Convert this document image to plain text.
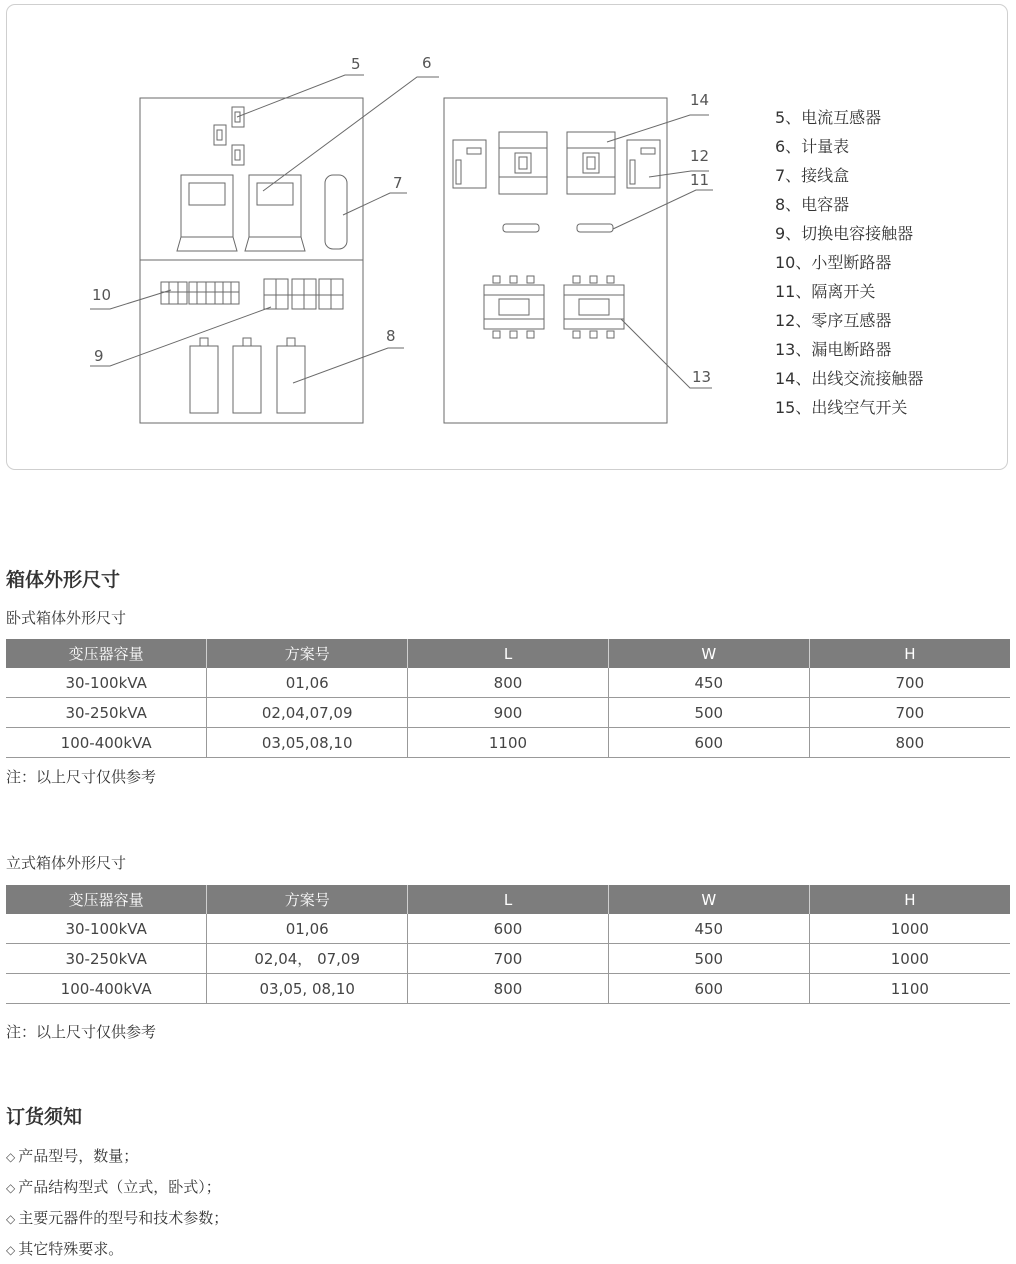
5	6
7
8
9
10
11
12
13
14
5、电流互感器
6、计量表
7、接线盒
8、电容器
9、切换电容接触器
10、小型断路器
11、隔离开关
12、零序互感器
13、漏电断路器
14、出线交流接触器
15、出线空气开关
箱体外形尺寸
卧式箱体外形尺寸
变压器容量	方案号	L	W	H
30-100kVA	01,06	800	450	700
30-250kVA	02,04,07,09	900	500	700
100-400kVA	03,05,08,10	1100	600	800
注：以上尺寸仅供参考
立式箱体外形尺寸
变压器容量	方案号	L	W	H
30-100kVA	01,06	600	450	1000
30-250kVA	02,04， 07,09	700	500	1000
100-400kVA	03,05, 08,10	800	600	1100
注：以上尺寸仅供参考
订货须知
◇ 产品型号，数量；
◇ 产品结构型式（立式，卧式）；
◇ 主要元器件的型号和技术参数；
◇ 其它特殊要求。
